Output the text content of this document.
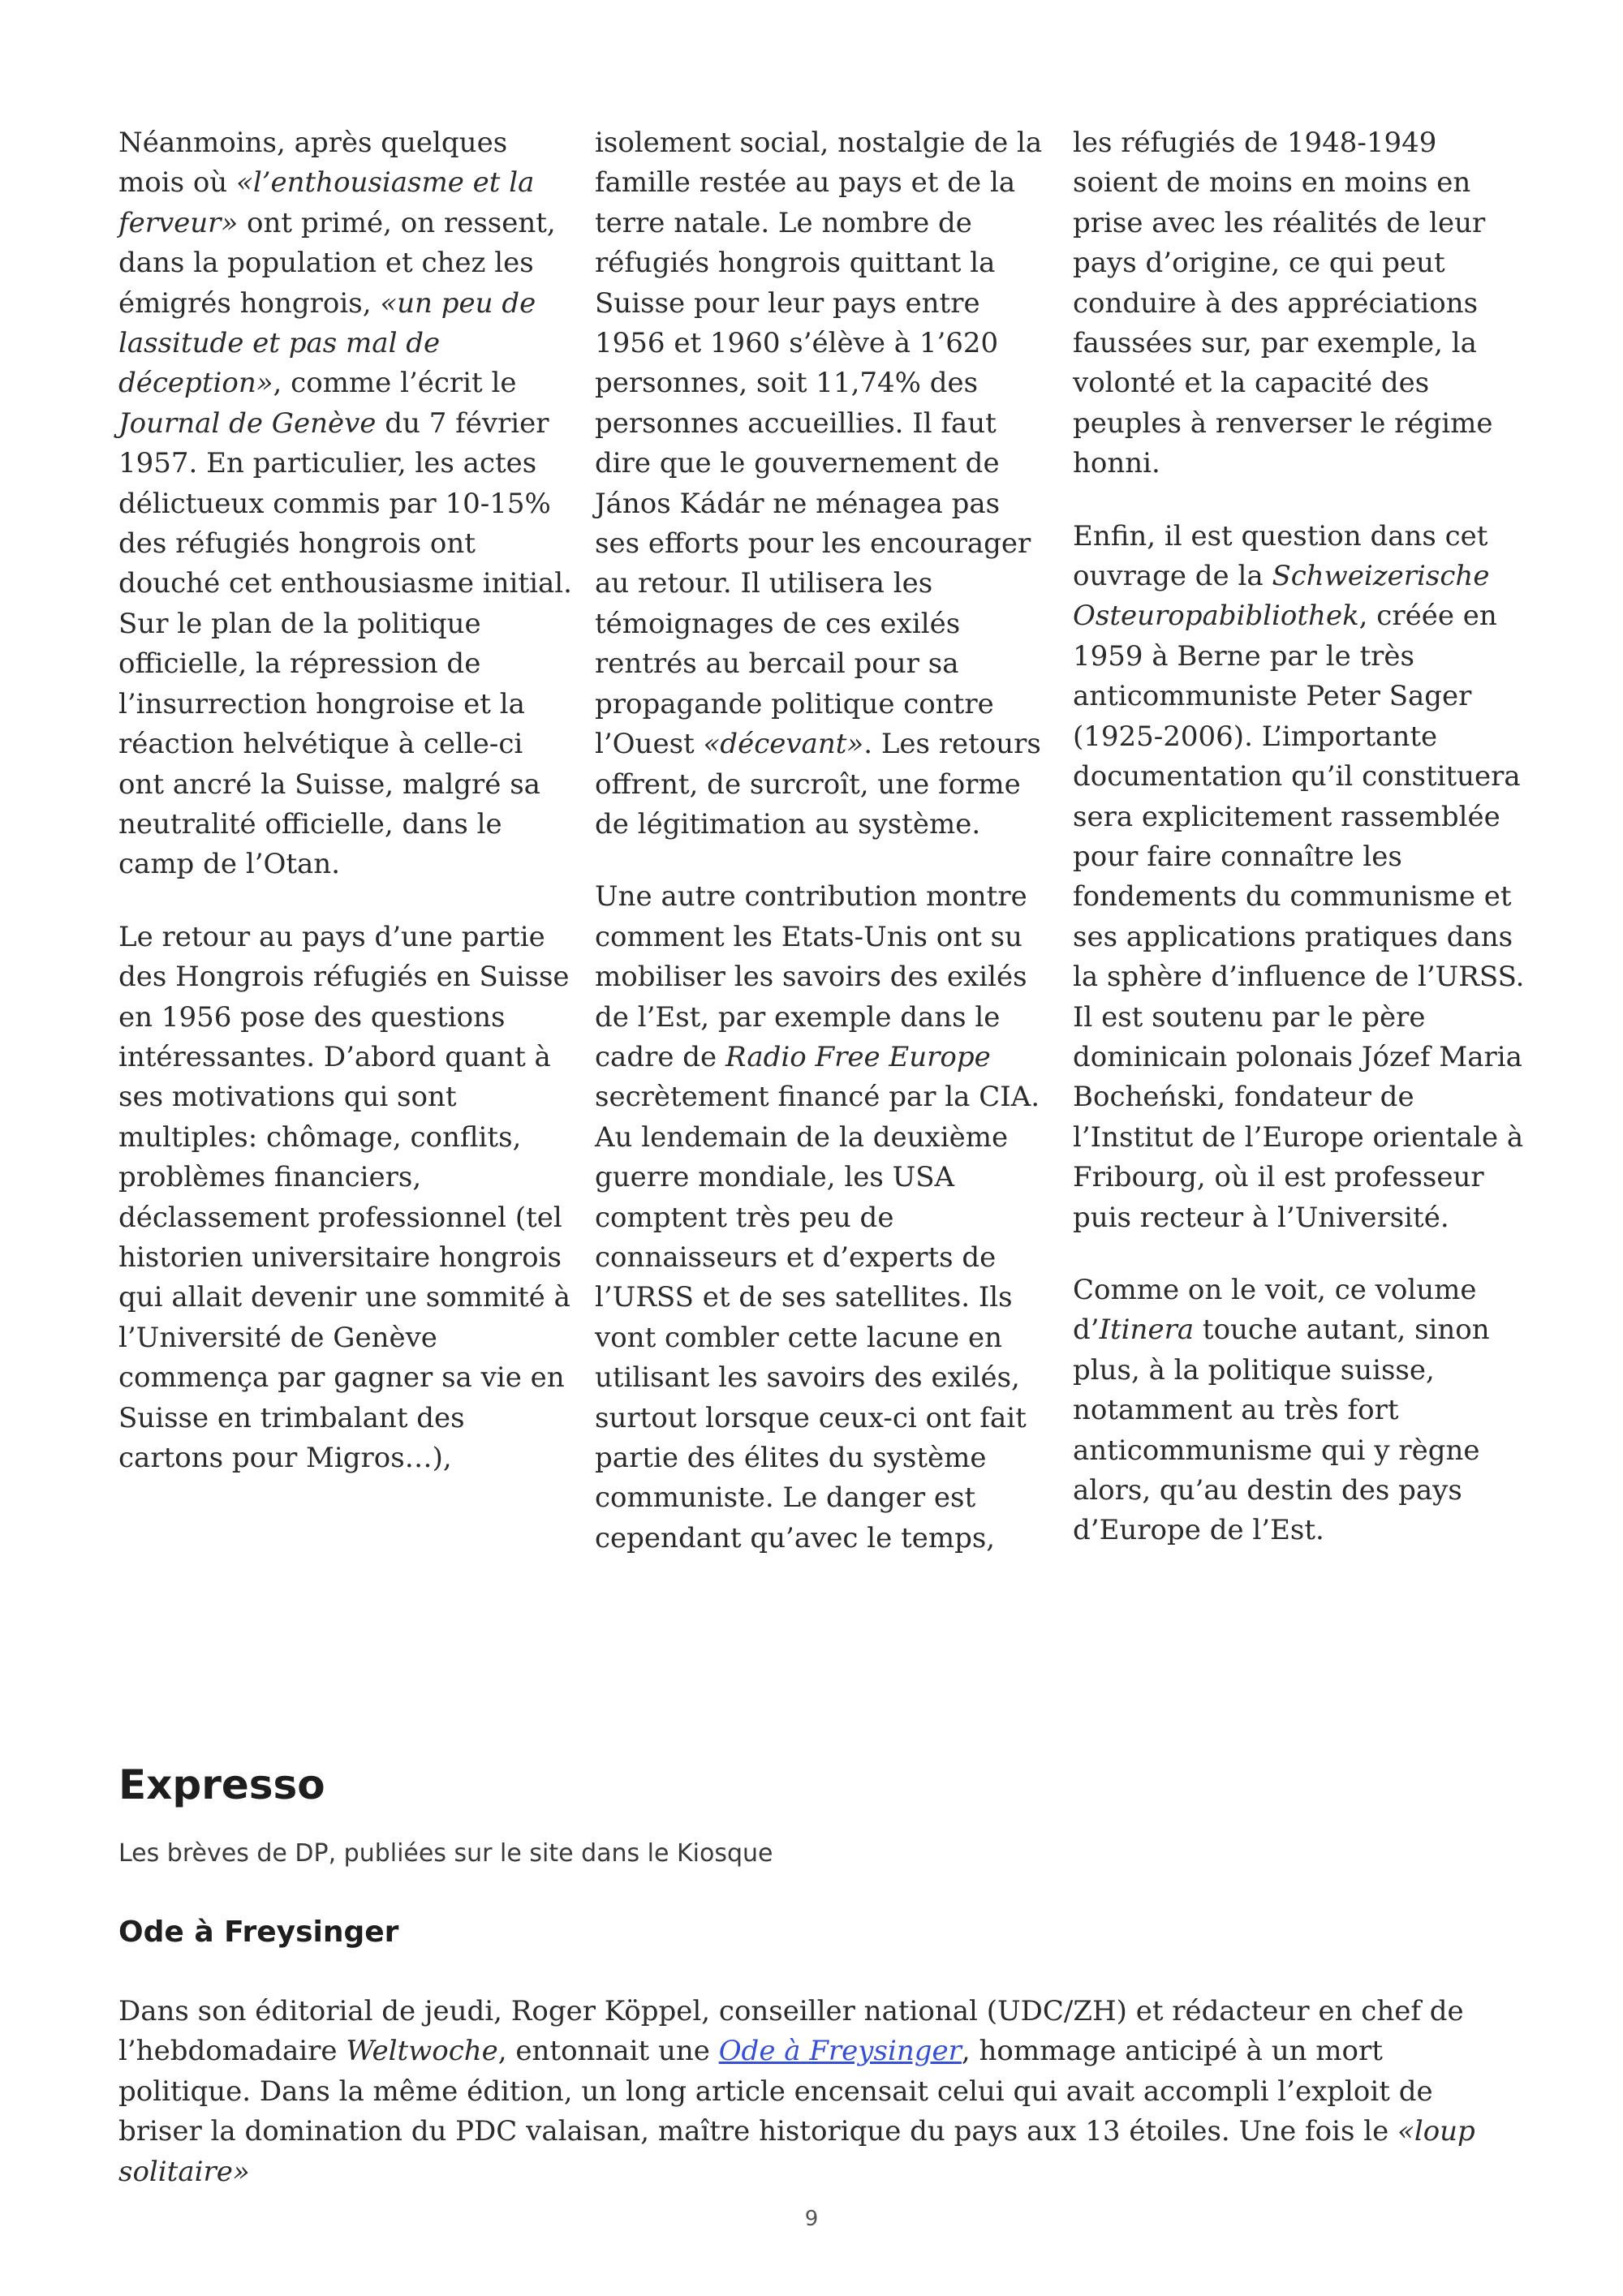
Néanmoins, après quelques mois où «l’enthousiasme et la ferveur» ont primé, on ressent, dans la population et chez les émigrés hongrois, «un peu de lassitude et pas mal de déception», comme l’écrit le Journal de Genève du 7 février 1957. En particulier, les actes délictueux commis par 10-15% des réfugiés hongrois ont douché cet enthousiasme initial. Sur le plan de la politique officielle, la répression de l’insurrection hongroise et la réaction helvétique à celle-ci ont ancré la Suisse, malgré sa neutralité officielle, dans le camp de l’Otan.

Le retour au pays d’une partie des Hongrois réfugiés en Suisse en 1956 pose des questions intéressantes. D’abord quant à ses motivations qui sont multiples: chômage, conflits, problèmes financiers, déclassement professionnel (tel historien universitaire hongrois qui allait devenir une sommité à l’Université de Genève commença par gagner sa vie en Suisse en trimbalant des cartons pour Migros…),

isolement social, nostalgie de la famille restée au pays et de la terre natale. Le nombre de réfugiés hongrois quittant la Suisse pour leur pays entre 1956 et 1960 s’élève à 1’620 personnes, soit 11,74% des personnes accueillies. Il faut dire que le gouvernement de János Kádár ne ménagea pas ses efforts pour les encourager au retour. Il utilisera les témoignages de ces exilés rentrés au bercail pour sa propagande politique contre l’Ouest «décevant». Les retours offrent, de surcroît, une forme de légitimation au système.

Une autre contribution montre comment les Etats-Unis ont su mobiliser les savoirs des exilés de l’Est, par exemple dans le cadre de Radio Free Europe secrètement financé par la CIA. Au lendemain de la deuxième guerre mondiale, les USA comptent très peu de connaisseurs et d’experts de l’URSS et de ses satellites. Ils vont combler cette lacune en utilisant les savoirs des exilés, surtout lorsque ceux-ci ont fait partie des élites du système communiste. Le danger est cependant qu’avec le temps,

les réfugiés de 1948-1949 soient de moins en moins en prise avec les réalités de leur pays d’origine, ce qui peut conduire à des appréciations faussées sur, par exemple, la volonté et la capacité des peuples à renverser le régime honni.

Enfin, il est question dans cet ouvrage de la Schweizerische Osteuropabibliothek, créée en 1959 à Berne par le très anticommuniste Peter Sager (1925-2006). L’importante documentation qu’il constituera sera explicitement rassemblée pour faire connaître les fondements du communisme et ses applications pratiques dans la sphère d’influence de l’URSS. Il est soutenu par le père dominicain polonais Józef Maria Bocheński, fondateur de l’Institut de l’Europe orientale à Fribourg, où il est professeur puis recteur à l’Université.

Comme on le voit, ce volume d’Itinera touche autant, sinon plus, à la politique suisse, notamment au très fort anticommunisme qui y règne alors, qu’au destin des pays d’Europe de l’Est.

Expresso
Les brèves de DP, publiées sur le site dans le Kiosque
Ode à Freysinger
Dans son éditorial de jeudi, Roger Köppel, conseiller national (UDC/ZH) et rédacteur en chef de l’hebdomadaire Weltwoche, entonnait une Ode à Freysinger, hommage anticipé à un mort politique. Dans la même édition, un long article encensait celui qui avait accompli l’exploit de briser la domination du PDC valaisan, maître historique du pays aux 13 étoiles. Une fois le «loup solitaire»
9
